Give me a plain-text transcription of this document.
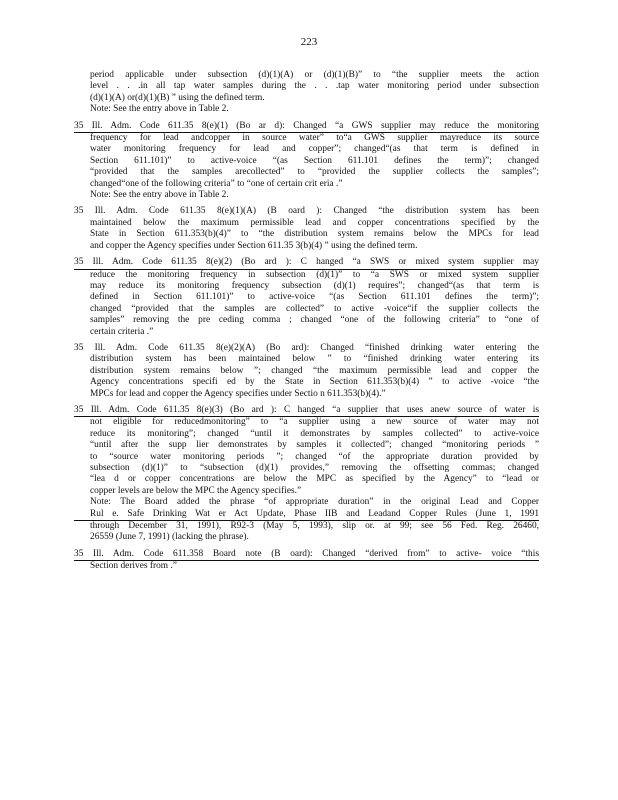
223
period applicable under subsection (d)(1)(A) or (d)(1)(B)” to “the supplier meets the action
level . . .in all tap water samples during the . . .tap water monitoring period under subsection
(d)(1)(A) or(d)(1)(B) ” using the defined term.
Note: See the entry above in Table 2.
35 Ill. Adm. Code 611.35 8(e)(1) (Bo ar d): Changed “a GWS supplier may reduce the monitoring
frequency for lead andcopper in source water” to“a GWS supplier mayreduce its source
water monitoring frequency for lead and copper”; changed“(as that term is defined in
Section 611.101)” to active-voice “(as Section 611.101 defines the term)”; changed
“provided that the samples arecollected” to “provided the supplier collects the samples”;
changed“one of the following criteria” to “one of certain crit eria .”
Note: See the entry above in Table 2.
35 Ill. Adm. Code 611.35 8(e)(1)(A) (B oard ): Changed “the distribution system has been
maintained below the maximum permissible lead and copper concentrations specified by the
State in Section 611.353(b)(4)” to “the distribution system remains below the MPCs for lead
and copper the Agency specifies under Section 611.35 3(b)(4) ” using the defined term.
35 Ill. Adm. Code 611.35 8(e)(2) (Bo ard ): C hanged “a SWS or mixed system supplier may
reduce the monitoring frequency in subsection (d)(1)” to “a SWS or mixed system supplier
may reduce its monitoring frequency subsection (d)(1) requires”; changed“(as that term is
defined in Section 611.101)” to active-voice “(as Section 611.101 defines the term)”;
changed “provided that the samples are collected” to active -voice“if the supplier collects the
samples” removing the pre ceding comma ; changed “one of the following criteria” to “one of
certain criteria .”
35 Ill. Adm. Code 611.35 8(e)(2)(A) (Bo ard): Changed “finished drinking water entering the
distribution system has been maintained below ” to “finished drinking water entering its
distribution system remains below ”; changed “the maximum permissible lead and copper the
Agency concentrations specifi ed by the State in Section 611.353(b)(4) ” to active -voice “the
MPCs for lead and copper the Agency specifies under Sectio n 611.353(b)(4).”
35 Ill. Adm. Code 611.35 8(e)(3) (Bo ard ): C hanged “a supplier that uses anew source of water is
not eligible for reducedmonitoring” to “a supplier using a new source of water may not
reduce its monitoring”; changed “until it demonstrates by samples collected” to active-voice
“until after the supp lier demonstrates by samples it collected”; changed “monitoring periods ”
to “source water monitoring periods ”; changed “of the appropriate duration provided by
subsection (d)(1)” to “subsection (d)(1) provides,” removing the offsetting commas; changed
“lea d or copper concentrations are below the MPC as specified by the Agency” to “lead or
copper levels are below the MPC the Agency specifies.”
Note: The Board added the phrase “of appropriate duration” in the original Lead and Copper
Rul e. Safe Drinking Wat er Act Update, Phase IIB and Leadand Copper Rules (June 1, 1991
through December 31, 1991), R92-3 (May 5, 1993), slip or. at 99; see 56 Fed. Reg. 26460,
26559 (June 7, 1991) (lacking the phrase).
35 Ill. Adm. Code 611.358 Board note (B oard): Changed “derived from” to active- voice “this
Section derives from .”
